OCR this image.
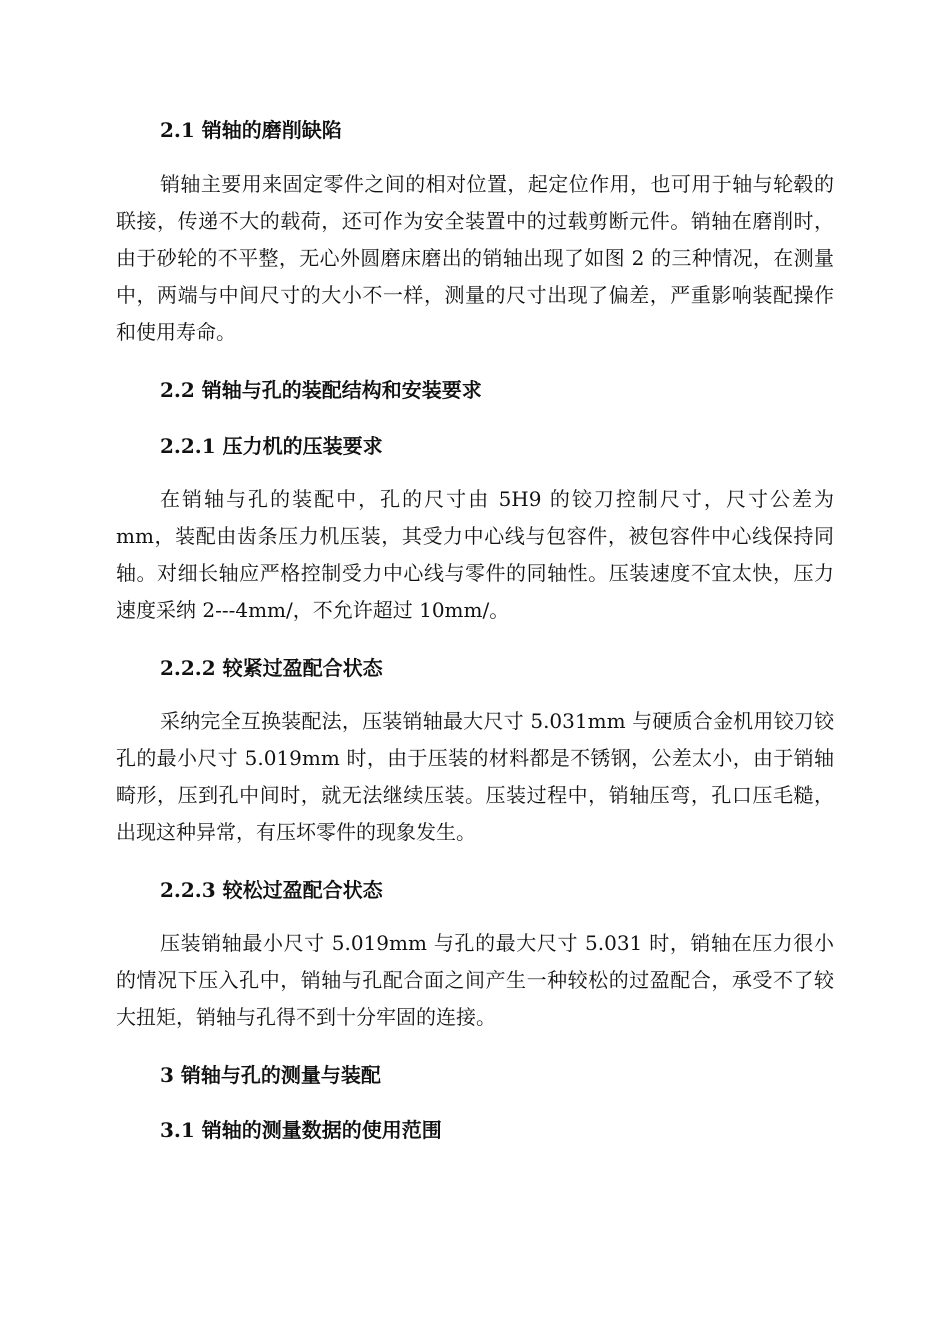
2.1 销轴的磨削缺陷

销轴主要用来固定零件之间的相对位置，起定位作用，也可用于轴与轮毂的联接，传递不大的载荷，还可作为安全装置中的过载剪断元件。销轴在磨削时，由于砂轮的不平整，无心外圆磨床磨出的销轴出现了如图 2 的三种情况，在测量中，两端与中间尺寸的大小不一样，测量的尺寸出现了偏差，严重影响装配操作和使用寿命。

2.2 销轴与孔的装配结构和安装要求
2.2.1 压力机的压装要求

在销轴与孔的装配中，孔的尺寸由 5H9 的铰刀控制尺寸，尺寸公差为 mm，装配由齿条压力机压装，其受力中心线与包容件，被包容件中心线保持同轴。对细长轴应严格控制受力中心线与零件的同轴性。压装速度不宜太快，压力速度采纳 2---4mm/，不允许超过 10mm/。

2.2.2 较紧过盈配合状态

采纳完全互换装配法，压装销轴最大尺寸 5.031mm 与硬质合金机用铰刀铰孔的最小尺寸 5.019mm 时，由于压装的材料都是不锈钢，公差太小，由于销轴畸形，压到孔中间时，就无法继续压装。压装过程中，销轴压弯，孔口压毛糙，出现这种异常，有压坏零件的现象发生。

2.2.3 较松过盈配合状态

压装销轴最小尺寸 5.019mm 与孔的最大尺寸 5.031 时，销轴在压力很小的情况下压入孔中，销轴与孔配合面之间产生一种较松的过盈配合，承受不了较大扭矩，销轴与孔得不到十分牢固的连接。

3 销轴与孔的测量与装配
3.1 销轴的测量数据的使用范围
